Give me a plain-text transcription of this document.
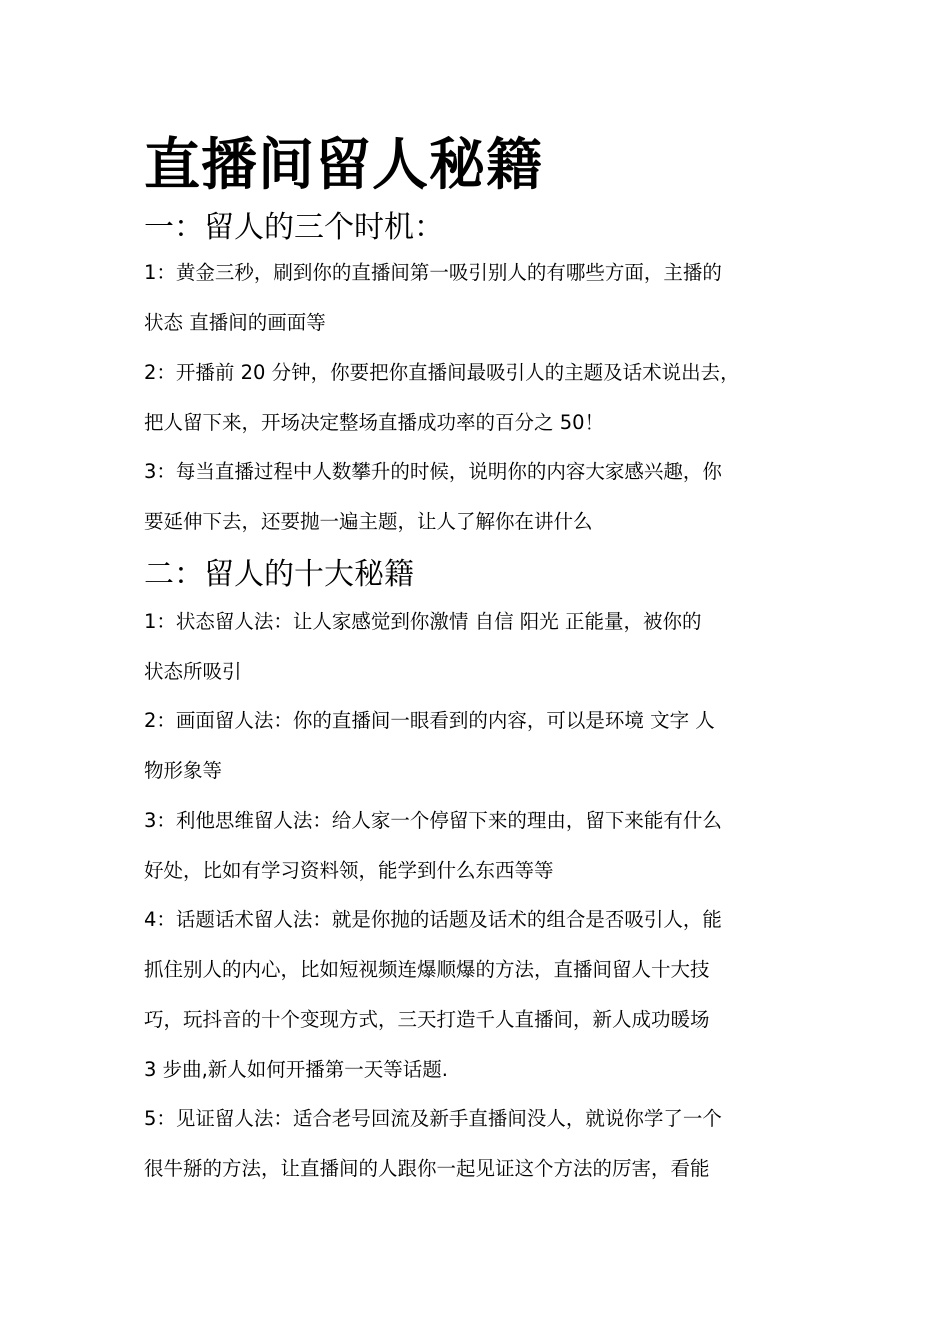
直播间留人秘籍
一：留人的三个时机：
1：黄金三秒，刷到你的直播间第一吸引别人的有哪些方面，主播的
状态 直播间的画面等
2：开播前 20 分钟，你要把你直播间最吸引人的主题及话术说出去，
把人留下来，开场决定整场直播成功率的百分之 50！
3：每当直播过程中人数攀升的时候，说明你的内容大家感兴趣，你
要延伸下去，还要抛一遍主题，让人了解你在讲什么
二：留人的十大秘籍
1：状态留人法：让人家感觉到你激情 自信 阳光 正能量，被你的
状态所吸引
2：画面留人法：你的直播间一眼看到的内容，可以是环境 文字 人
物形象等
3：利他思维留人法：给人家一个停留下来的理由，留下来能有什么
好处，比如有学习资料领，能学到什么东西等等
4：话题话术留人法：就是你抛的话题及话术的组合是否吸引人，能
抓住别人的内心，比如短视频连爆顺爆的方法，直播间留人十大技
巧，玩抖音的十个变现方式，三天打造千人直播间，新人成功暖场
3 步曲,新人如何开播第一天等话题.
5：见证留人法：适合老号回流及新手直播间没人，就说你学了一个
很牛掰的方法，让直播间的人跟你一起见证这个方法的厉害，看能
